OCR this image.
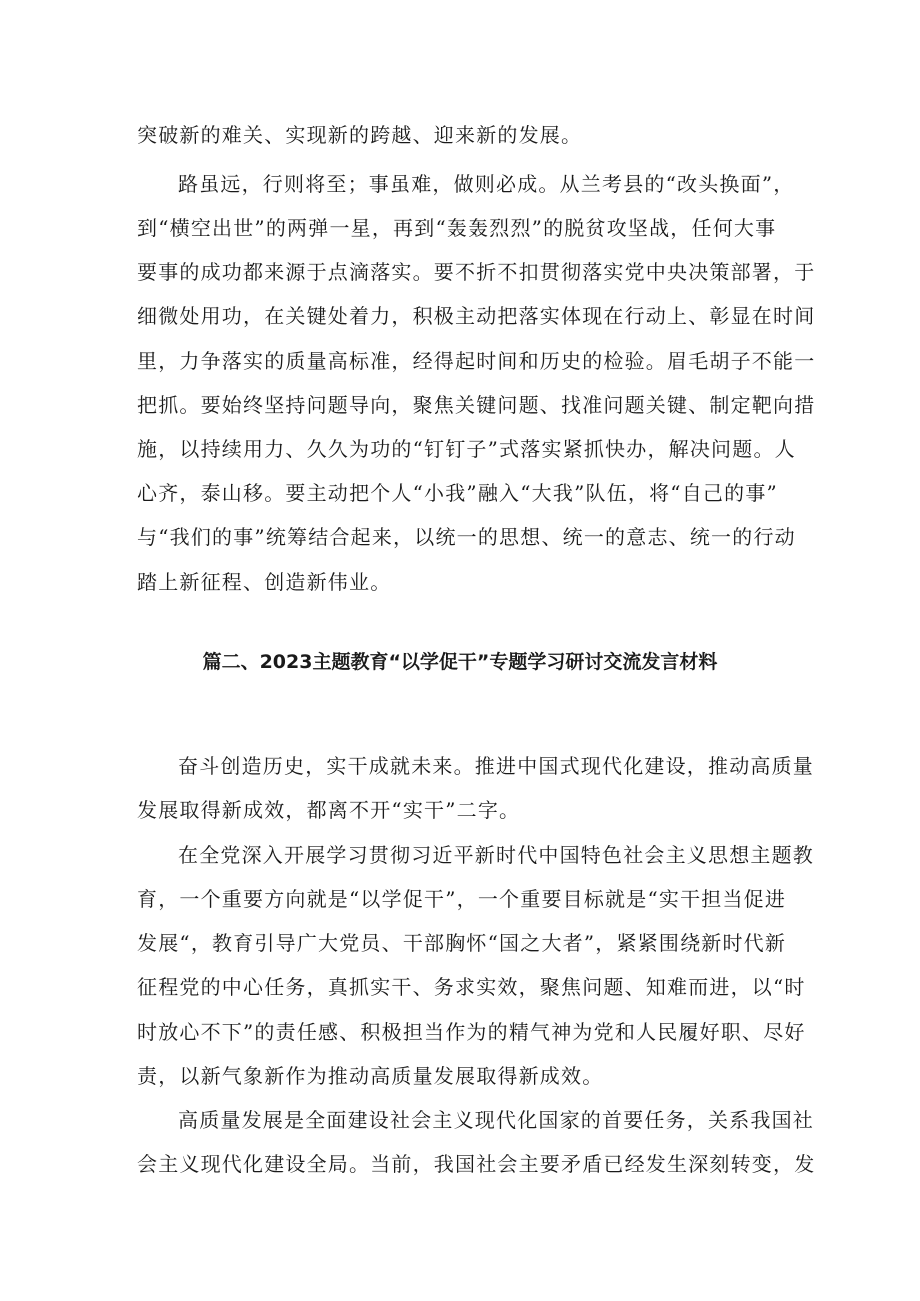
突破新的难关、实现新的跨越、迎来新的发展。
路虽远，行则将至；事虽难，做则必成。从兰考县的“改头换面”，
到“横空出世”的两弹一星，再到“轰轰烈烈”的脱贫攻坚战，任何大事
要事的成功都来源于点滴落实。要不折不扣贯彻落实党中央决策部署，于
细微处用功，在关键处着力，积极主动把落实体现在行动上、彰显在时间
里，力争落实的质量高标准，经得起时间和历史的检验。眉毛胡子不能一
把抓。要始终坚持问题导向，聚焦关键问题、找准问题关键、制定靶向措
施，以持续用力、久久为功的“钉钉子”式落实紧抓快办，解决问题。人
心齐，泰山移。要主动把个人“小我”融入“大我”队伍，将“自己的事”
与“我们的事”统筹结合起来，以统一的思想、统一的意志、统一的行动
踏上新征程、创造新伟业。
篇二、2023主题教育“以学促干”专题学习研讨交流发言材料
奋斗创造历史，实干成就未来。推进中国式现代化建设，推动高质量
发展取得新成效，都离不开“实干”二字。
在全党深入开展学习贯彻习近平新时代中国特色社会主义思想主题教
育，一个重要方向就是“以学促干”，一个重要目标就是“实干担当促进
发展“，教育引导广大党员、干部胸怀“国之大者”，紧紧围绕新时代新
征程党的中心任务，真抓实干、务求实效，聚焦问题、知难而进，以“时
时放心不下”的责任感、积极担当作为的精气神为党和人民履好职、尽好
责，以新气象新作为推动高质量发展取得新成效。
高质量发展是全面建设社会主义现代化国家的首要任务，关系我国社
会主义现代化建设全局。当前，我国社会主要矛盾已经发生深刻转变，发
